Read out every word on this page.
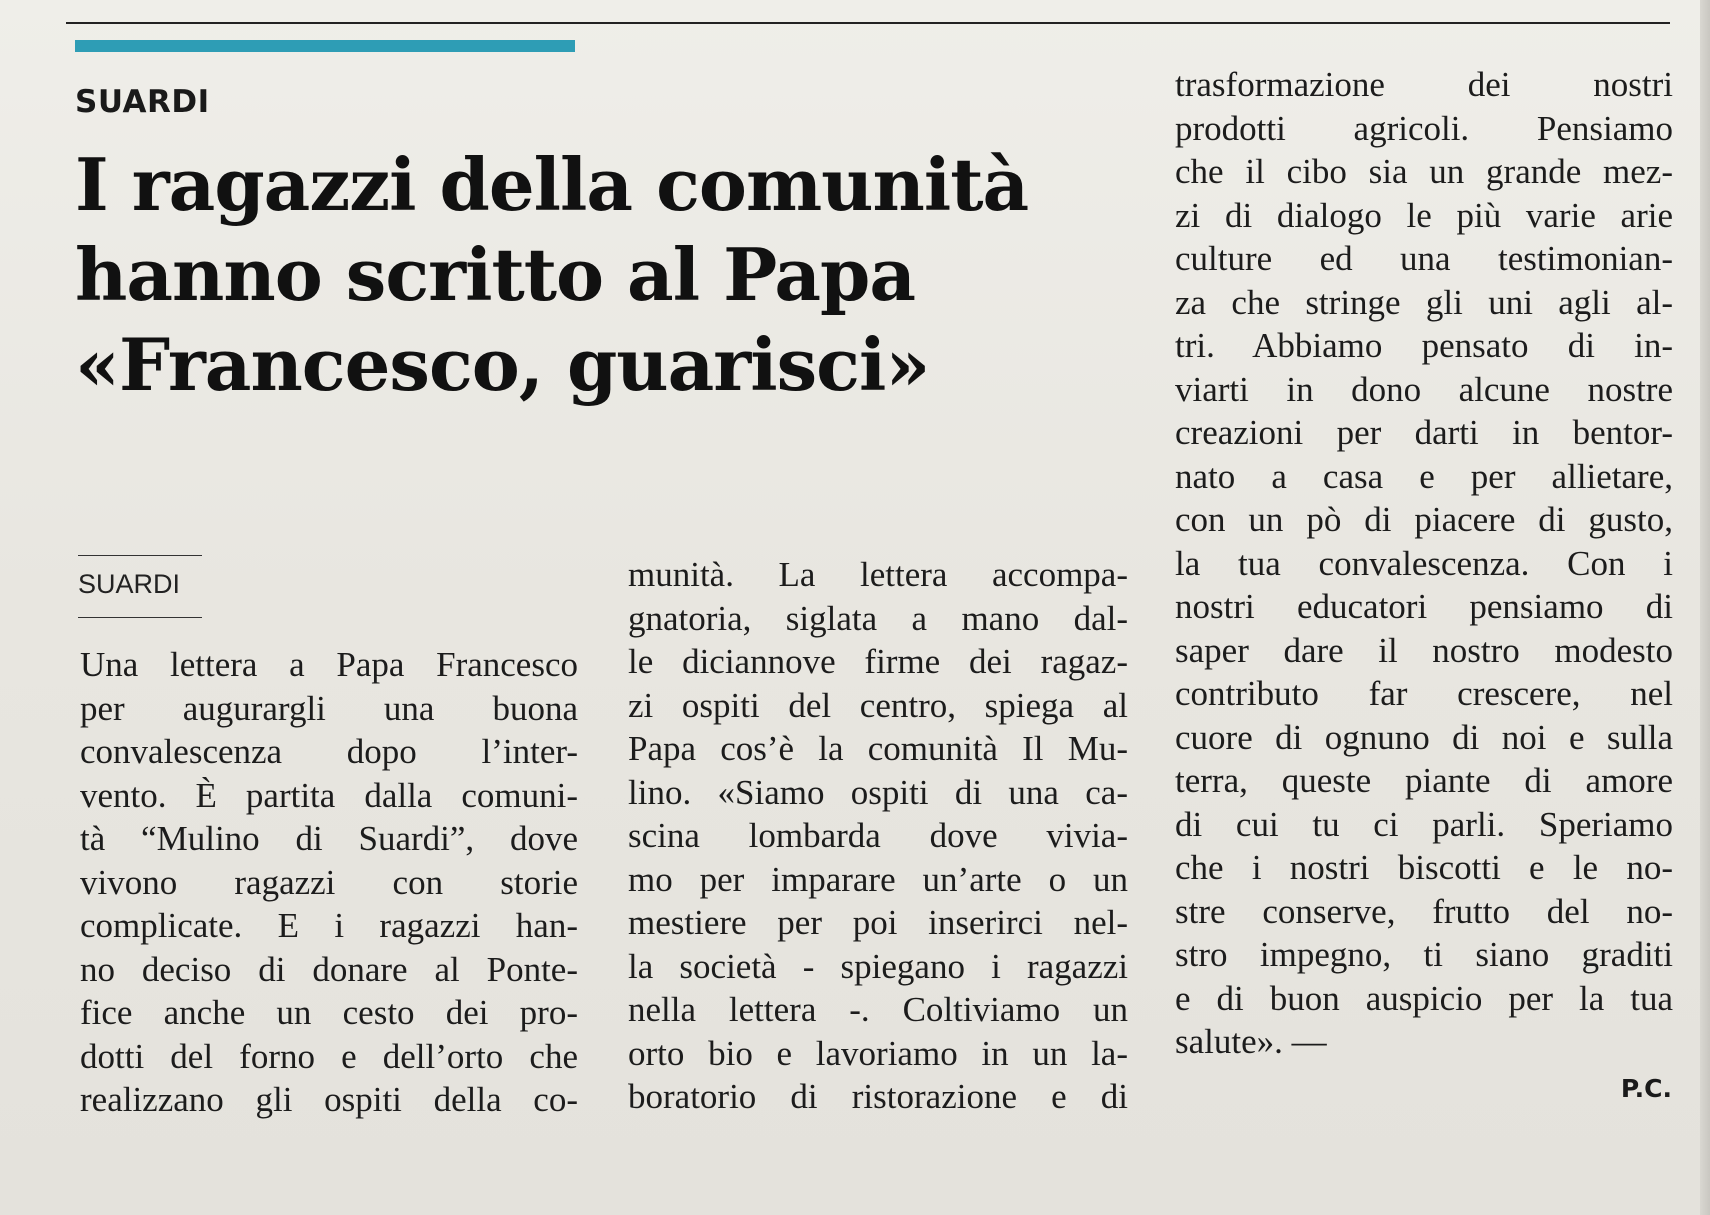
SUARDI
I ragazzi della comunità
hanno scritto al Papa
«Francesco, guarisci»
SUARDI
Una lettera a Papa Francesco
per augurargli una buona
convalescenza dopo l’inter-
vento. È partita dalla comuni-
tà “Mulino di Suardi”, dove
vivono ragazzi con storie
complicate. E i ragazzi han-
no deciso di donare al Ponte-
fice anche un cesto dei pro-
dotti del forno e dell’orto che
realizzano gli ospiti della co-
munità. La lettera accompa-
gnatoria, siglata a mano dal-
le diciannove firme dei ragaz-
zi ospiti del centro, spiega al
Papa cos’è la comunità Il Mu-
lino. «Siamo ospiti di una ca-
scina lombarda dove vivia-
mo per imparare un’arte o un
mestiere per poi inserirci nel-
la società - spiegano i ragazzi
nella lettera -. Coltiviamo un
orto bio e lavoriamo in un la-
boratorio di ristorazione e di
trasformazione dei nostri
prodotti agricoli. Pensiamo
che il cibo sia un grande mez-
zi di dialogo le più varie arie
culture ed una testimonian-
za che stringe gli uni agli al-
tri. Abbiamo pensato di in-
viarti in dono alcune nostre
creazioni per darti in bentor-
nato a casa e per allietare,
con un pò di piacere di gusto,
la tua convalescenza. Con i
nostri educatori pensiamo di
saper dare il nostro modesto
contributo far crescere, nel
cuore di ognuno di noi e sulla
terra, queste piante di amore
di cui tu ci parli. Speriamo
che i nostri biscotti e le no-
stre conserve, frutto del no-
stro impegno, ti siano graditi
e di buon auspicio per la tua
salute». —
P.C.
